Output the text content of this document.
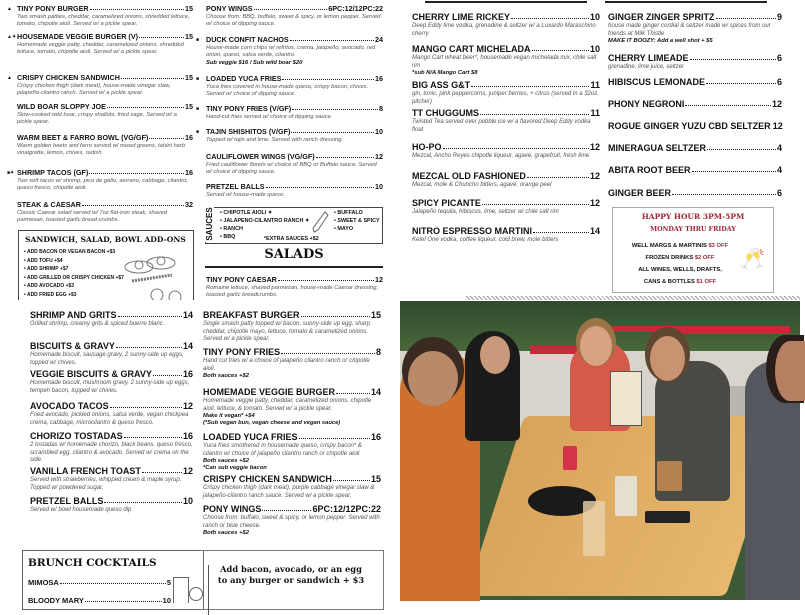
▲ TINY PONY BURGER	15
Two smash patties, cheddar, caramelized onions, shredded lettuce, tomato, chipotle aioli. Served w/ a pickle spear.
▲✦ HOUSEMADE VEGGIE BURGER (V)	15
Homemade veggie patty, cheddar, caramelized onions, shredded lettuce, tomato, chipotle aioli. Served w/ a pickle spear.
▲ CRISPY CHICKEN SANDWICH	15
Crispy chicken thigh (dark meat), house-made vinegar slaw, jalapeño-cilantro ranch. Served w/ a pickle spear.
WILD BOAR SLOPPY JOE	15
Slow-cooked wild boar, crispy shallots, fried sage. Served w/ a pickle spear.
WARM BEET & FARRO BOWL (VG/GF)	16
Warm golden beets and farro served w/ mixed greens, tahini herb vinaigrette, lemon, chives, radish.
■✦ SHRIMP TACOS (GF)	16
Two soft tacos w/ shrimp, pico de gallo, serrano, cabbage, cilantro, queso fresco, chipotle aioli.
STEAK & CAESAR	32
Classic Caesar salad served w/ 7oz flat-iron steak, shaved parmesan, toasted garlic bread crumbs.
PONY WINGS	6PC:12/12PC:22
Choose from: BBQ, buffalo, sweet & spicy, or lemon pepper. Served w/ choice of dipping sauce.
■ DUCK CONFIT NACHOS	24
House-made corn chips w/ refritos, crema, jalapeño, avocado, red onion, queso, salsa verde, cilantro.
Sub veggie $16 / Sub wild boar $20
■ LOADED YUCA FRIES	16
Yuca fries covered in house-made queso, crispy bacon, chives. Served w/ choice of dipping sauce.
■ TINY PONY FRIES (V/GF)	8
Hand-cut fries served w/ choice of dipping sauce.
■ TAJIN SHISHITOS (V/GF)	10
Topped w/ tajin and lime. Served with ranch dressing.
CAULIFLOWER WINGS (VG/GF)	12
Fried cauliflower florets w/ choice of BBQ or Buffalo sauce. Served w/ choice of dipping sauce.
PRETZEL BALLS	10
Served w/ house-made queso.
SANDWICH, SALAD, BOWL ADD-ONS
• ADD BACON OR VEGAN BACON +$3
• ADD TOFU +$4
• ADD SHRIMP +$7
• ADD GRILLED OR CRISPY CHICKEN +$7
• ADD AVOCADO +$3
• ADD FRIED EGG +$3
SAUCES • CHIPOTLE AIOLI ✦
• JALAPENO-CILANTRO RANCH ✦
• RANCH
• BBQ
• BUFFALO
• SWEET & SPICY
• MAYO
*EXTRA SAUCES +$2
SALADS
TINY PONY CAESAR	12
Romaine lettuce, shaved parmesan, house-made Caesar dressing, toasted garlic breadcrumbs.
CHERRY LIME RICKEY	10
Deep Eddy lime vodka, grenadine & seltzer w/ a Luxardo Maraschino cherry
MANGO CART MICHELADA	10
Mango Cart wheat beer*, housemade vegan michelada mix, chile salt rim
*sub N/A Mango Cart $8
BIG ASS G&T	11
gin, tonic, pink peppercorns, juniper berries, + citrus (served in a 32oz. pitcher)
TT CHUGGUMS	11
Twisted Tea served over pebble ice w/ a flavored Deep Eddy vodka float
HO-PO	12
Mezcal, Ancho Reyes chipotle liqueur, agave, grapefruit, fresh lime
MEZCAL OLD FASHIONED	12
Mezcal, mole & Chuncho bitters, agave, orange peel
SPICY PICANTE	12
Jalapeño tequila, hibiscus, lime, seltzer w/ chile salt rim
NITRO ESPRESSO MARTINI	14
Ketel One vodka, coffee liqueur, cold brew, mole bitters
GINGER ZINGER SPRITZ	9
house made ginger cordial & seltzer made w/ spices from our friends at Milk Thistle
MAKE IT BOOZY: Add a well shot + $5
CHERRY LIMEADE	6
grenadine, lime juice, seltzer
HIBISCUS LEMONADE	6
PHONY NEGRONI	12
ROGUE GINGER YUZU CBD SELTZER 12
MINERAGUA SELTZER	4
ABITA ROOT BEER	4
GINGER BEER	6
HAPPY HOUR 3PM-5PM
MONDAY THRU FRIDAY
WELL MARGS & MARTINIS $3 OFF
FROZEN DRINKS $2 OFF
ALL WINES, WELLS, DRAFTS,
CANS & BOTTLES $1 OFF
🥂
SHRIMP AND GRITS	14
Grilled shrimp, creamy grits & spiced buerre blanc.
BISCUITS & GRAVY	14
Homemade biscuit, sausage gravy, 2 sunny-side up eggs, topped w/ chives.
VEGGIE BISCUITS & GRAVY	16
Homemade biscuit, mushroom gravy, 2 sunny-side up eggs, tempeh bacon, topped w/ chives.
AVOCADO TACOS	12
Fried avocado, pickled onions, salsa verde, vegan chickpea crema, cabbage, microcilantro & queso fresco.
CHORIZO TOSTADAS	16
2 tostadas w/ homemade chorizo, black beans, queso fresco, scrambled egg, cilantro & avocado. Served w/ crema on the side.
VANILLA FRENCH TOAST	12
Served with strawberries, whipped cream & maple syrup. Topped w/ powdered sugar.
PRETZEL BALLS	10
Served w/ bowl housemade queso dip
BREAKFAST BURGER	15
Single smash patty topped w/ bacon, sunny-side up egg, sharp cheddar, chipotle mayo, lettuce, tomato & caramelized onions. Served w/ a pickle spear.
TINY PONY FRIES	8
Hand cut fries w/ a choice of jalapeño cilantro ranch or chipotle aioli.
Both sauces +$2
HOMEMADE VEGGIE BURGER	14
Homemade veggie patty, cheddar, caramelized onions, chipotle aioli, lettuce, & tomato. Served w/ a pickle spear.
Make it vegan* +$4
(*Sub vegan bun, vegan cheese and vegan sauce)
LOADED YUCA FRIES	16
Yuca fries smothered in housemade queso, crispy bacon* & cilantro w/ choice of jalapeño cilantro ranch or chipotle aioli
Both sauces +$2
*Can sub veggie bacon
CRISPY CHICKEN SANDWICH	15
Crispy chicken thigh (dark meat), purple cabbage vinegar slaw & jalapeño-cilantro ranch sauce. Served w/ a pickle spear.
PONY WINGS	6PC:12/12PC:22
Choose from: buffalo, sweet & spicy, or lemon pepper. Served with ranch or blue cheese.
Both sauces +$2
BRUNCH COCKTAILS
MIMOSA	5
BLOODY MARY	10
Add bacon, avocado, or an egg to any burger or sandwich + $3
